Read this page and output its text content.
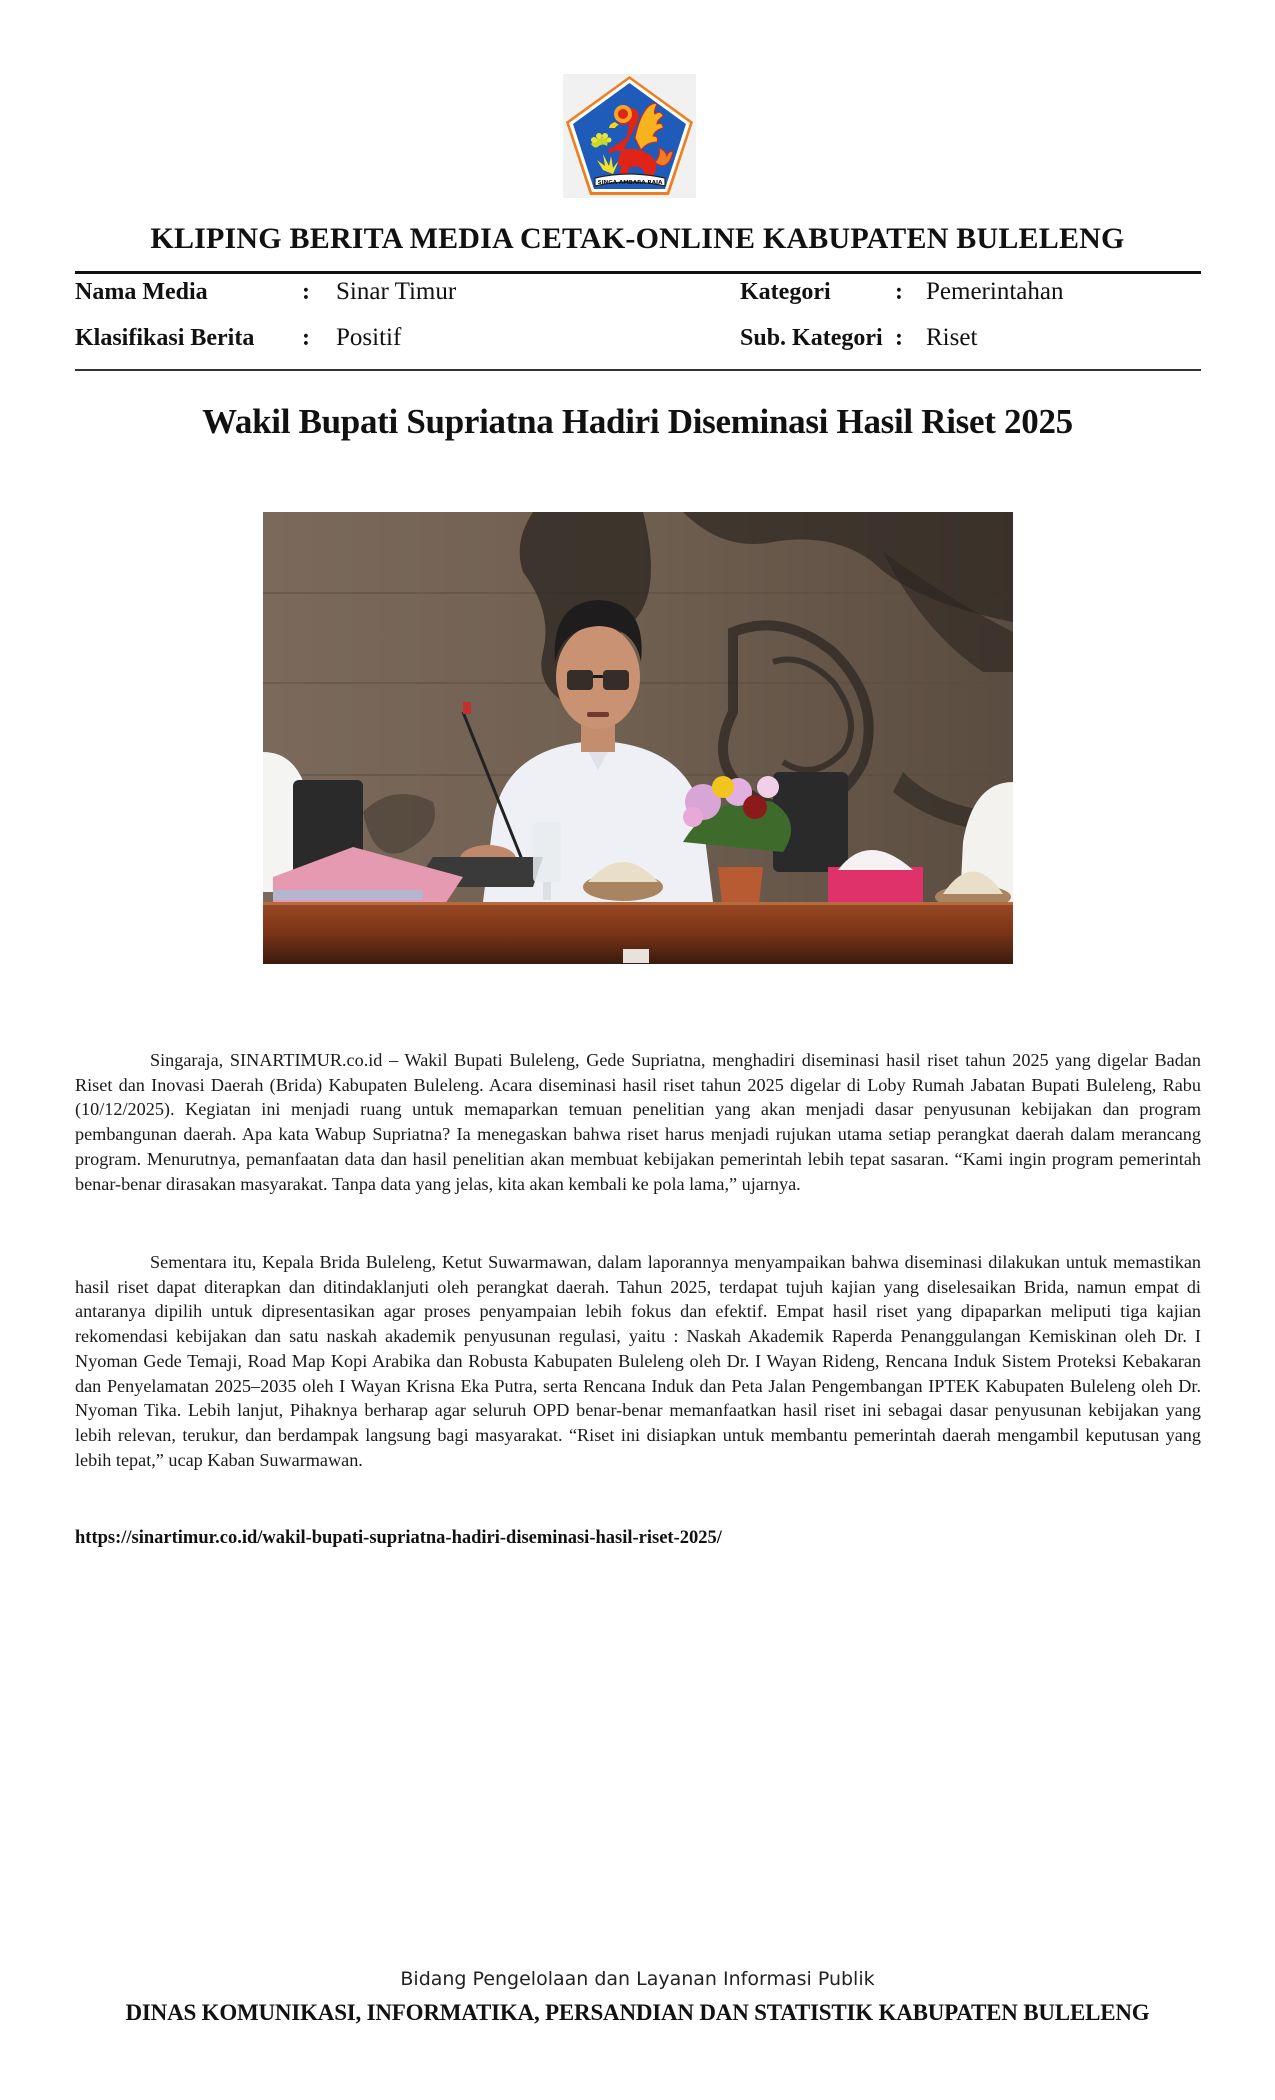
SINGA AMBARA RAJA
KLIPING BERITA MEDIA CETAK-ONLINE KABUPATEN BULELENG
Nama Media	: Sinar Timur
Klasifikasi Berita : Positif
Kategori	: Pemerintahan
Sub. Kategori : Riset
Wakil Bupati Supriatna Hadiri Diseminasi Hasil Riset 2025
Singaraja, SINARTIMUR.co.id – Wakil Bupati Buleleng, Gede Supriatna, menghadiri diseminasi hasil riset tahun 2025 yang digelar Badan Riset dan Inovasi Daerah (Brida) Kabupaten Buleleng. Acara diseminasi hasil riset tahun 2025 digelar di Loby Rumah Jabatan Bupati Buleleng, Rabu (10/12/2025). Kegiatan ini menjadi ruang untuk memaparkan temuan penelitian yang akan menjadi dasar penyusunan kebijakan dan program pembangunan daerah. Apa kata Wabup Supriatna? Ia menegaskan bahwa riset harus menjadi rujukan utama setiap perangkat daerah dalam merancang program. Menurutnya, pemanfaatan data dan hasil penelitian akan membuat kebijakan pemerintah lebih tepat sasaran. “Kami ingin program pemerintah benar-benar dirasakan masyarakat. Tanpa data yang jelas, kita akan kembali ke pola lama,” ujarnya.
Sementara itu, Kepala Brida Buleleng, Ketut Suwarmawan, dalam laporannya menyampaikan bahwa diseminasi dilakukan untuk memastikan hasil riset dapat diterapkan dan ditindaklanjuti oleh perangkat daerah. Tahun 2025, terdapat tujuh kajian yang diselesaikan Brida, namun empat di antaranya dipilih untuk dipresentasikan agar proses penyampaian lebih fokus dan efektif. Empat hasil riset yang dipaparkan meliputi tiga kajian rekomendasi kebijakan dan satu naskah akademik penyusunan regulasi, yaitu : Naskah Akademik Raperda Penanggulangan Kemiskinan oleh Dr. I Nyoman Gede Temaji, Road Map Kopi Arabika dan Robusta Kabupaten Buleleng oleh Dr. I Wayan Rideng, Rencana Induk Sistem Proteksi Kebakaran dan Penyelamatan 2025–2035 oleh I Wayan Krisna Eka Putra, serta Rencana Induk dan Peta Jalan Pengembangan IPTEK Kabupaten Buleleng oleh Dr. Nyoman Tika. Lebih lanjut, Pihaknya berharap agar seluruh OPD benar-benar memanfaatkan hasil riset ini sebagai dasar penyusunan kebijakan yang lebih relevan, terukur, dan berdampak langsung bagi masyarakat. “Riset ini disiapkan untuk membantu pemerintah daerah mengambil keputusan yang lebih tepat,” ucap Kaban Suwarmawan.
https://sinartimur.co.id/wakil-bupati-supriatna-hadiri-diseminasi-hasil-riset-2025/
Bidang Pengelolaan dan Layanan Informasi Publik
DINAS KOMUNIKASI, INFORMATIKA, PERSANDIAN DAN STATISTIK KABUPATEN BULELENG
